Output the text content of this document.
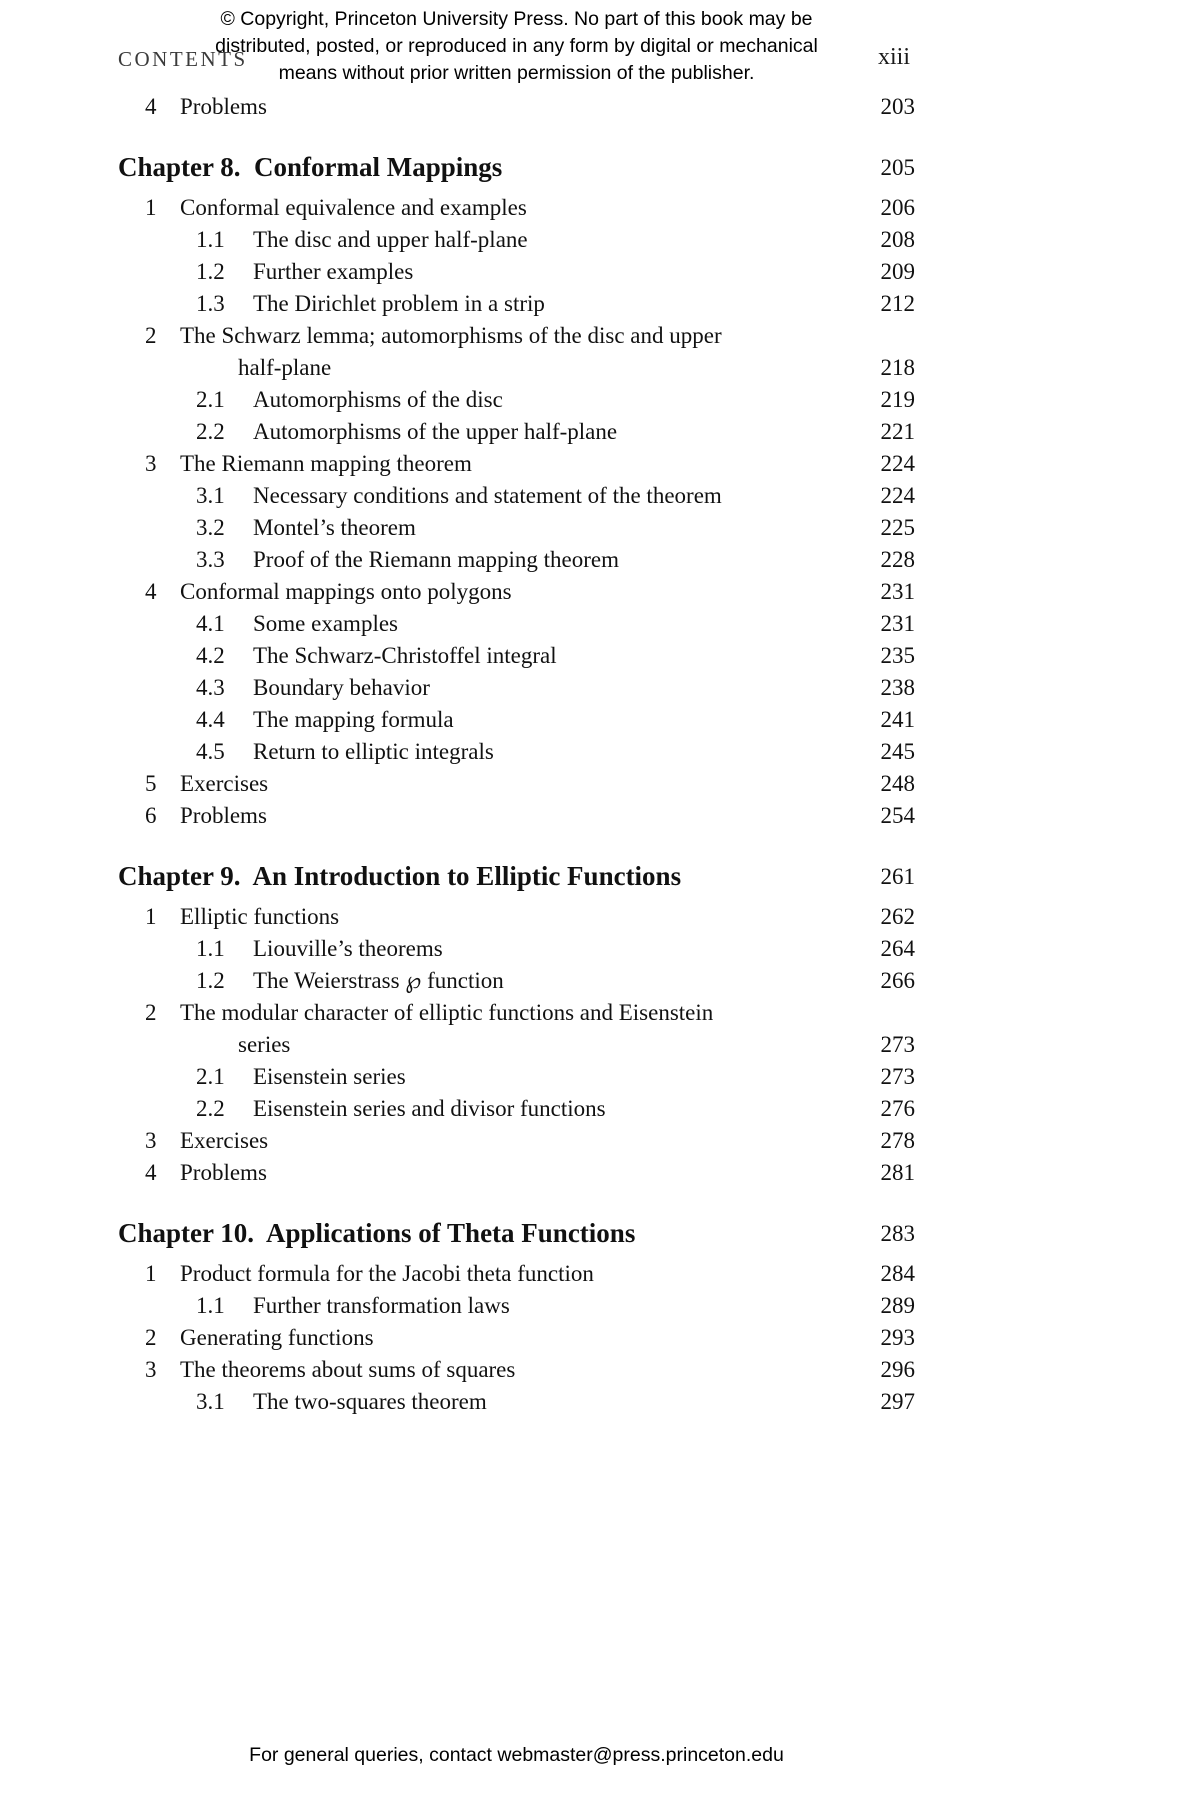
© Copyright, Princeton University Press. No part of this book may be
distributed, posted, or reproduced in any form by digital or mechanical
means without prior written permission of the publisher.
CONTENTS	xiii
4	Problems	203
Chapter 8.  Conformal Mappings	205
1	Conformal equivalence and examples	206
1.1	The disc and upper half-plane	208
1.2	Further examples	209
1.3	The Dirichlet problem in a strip	212
2	The Schwarz lemma; automorphisms of the disc and upper
half-plane	218
2.1	Automorphisms of the disc	219
2.2	Automorphisms of the upper half-plane	221
3	The Riemann mapping theorem	224
3.1	Necessary conditions and statement of the theorem	224
3.2	Montel’s theorem	225
3.3	Proof of the Riemann mapping theorem	228
4	Conformal mappings onto polygons	231
4.1	Some examples	231
4.2	The Schwarz-Christoffel integral	235
4.3	Boundary behavior	238
4.4	The mapping formula	241
4.5	Return to elliptic integrals	245
5	Exercises	248
6	Problems	254
Chapter 9.  An Introduction to Elliptic Functions	261
1	Elliptic functions	262
1.1	Liouville’s theorems	264
1.2	The Weierstrass ℘ function	266
2	The modular character of elliptic functions and Eisenstein
series	273
2.1	Eisenstein series	273
2.2	Eisenstein series and divisor functions	276
3	Exercises	278
4	Problems	281
Chapter 10.  Applications of Theta Functions	283
1	Product formula for the Jacobi theta function	284
1.1	Further transformation laws	289
2	Generating functions	293
3	The theorems about sums of squares	296
3.1	The two-squares theorem	297
For general queries, contact webmaster@press.princeton.edu
